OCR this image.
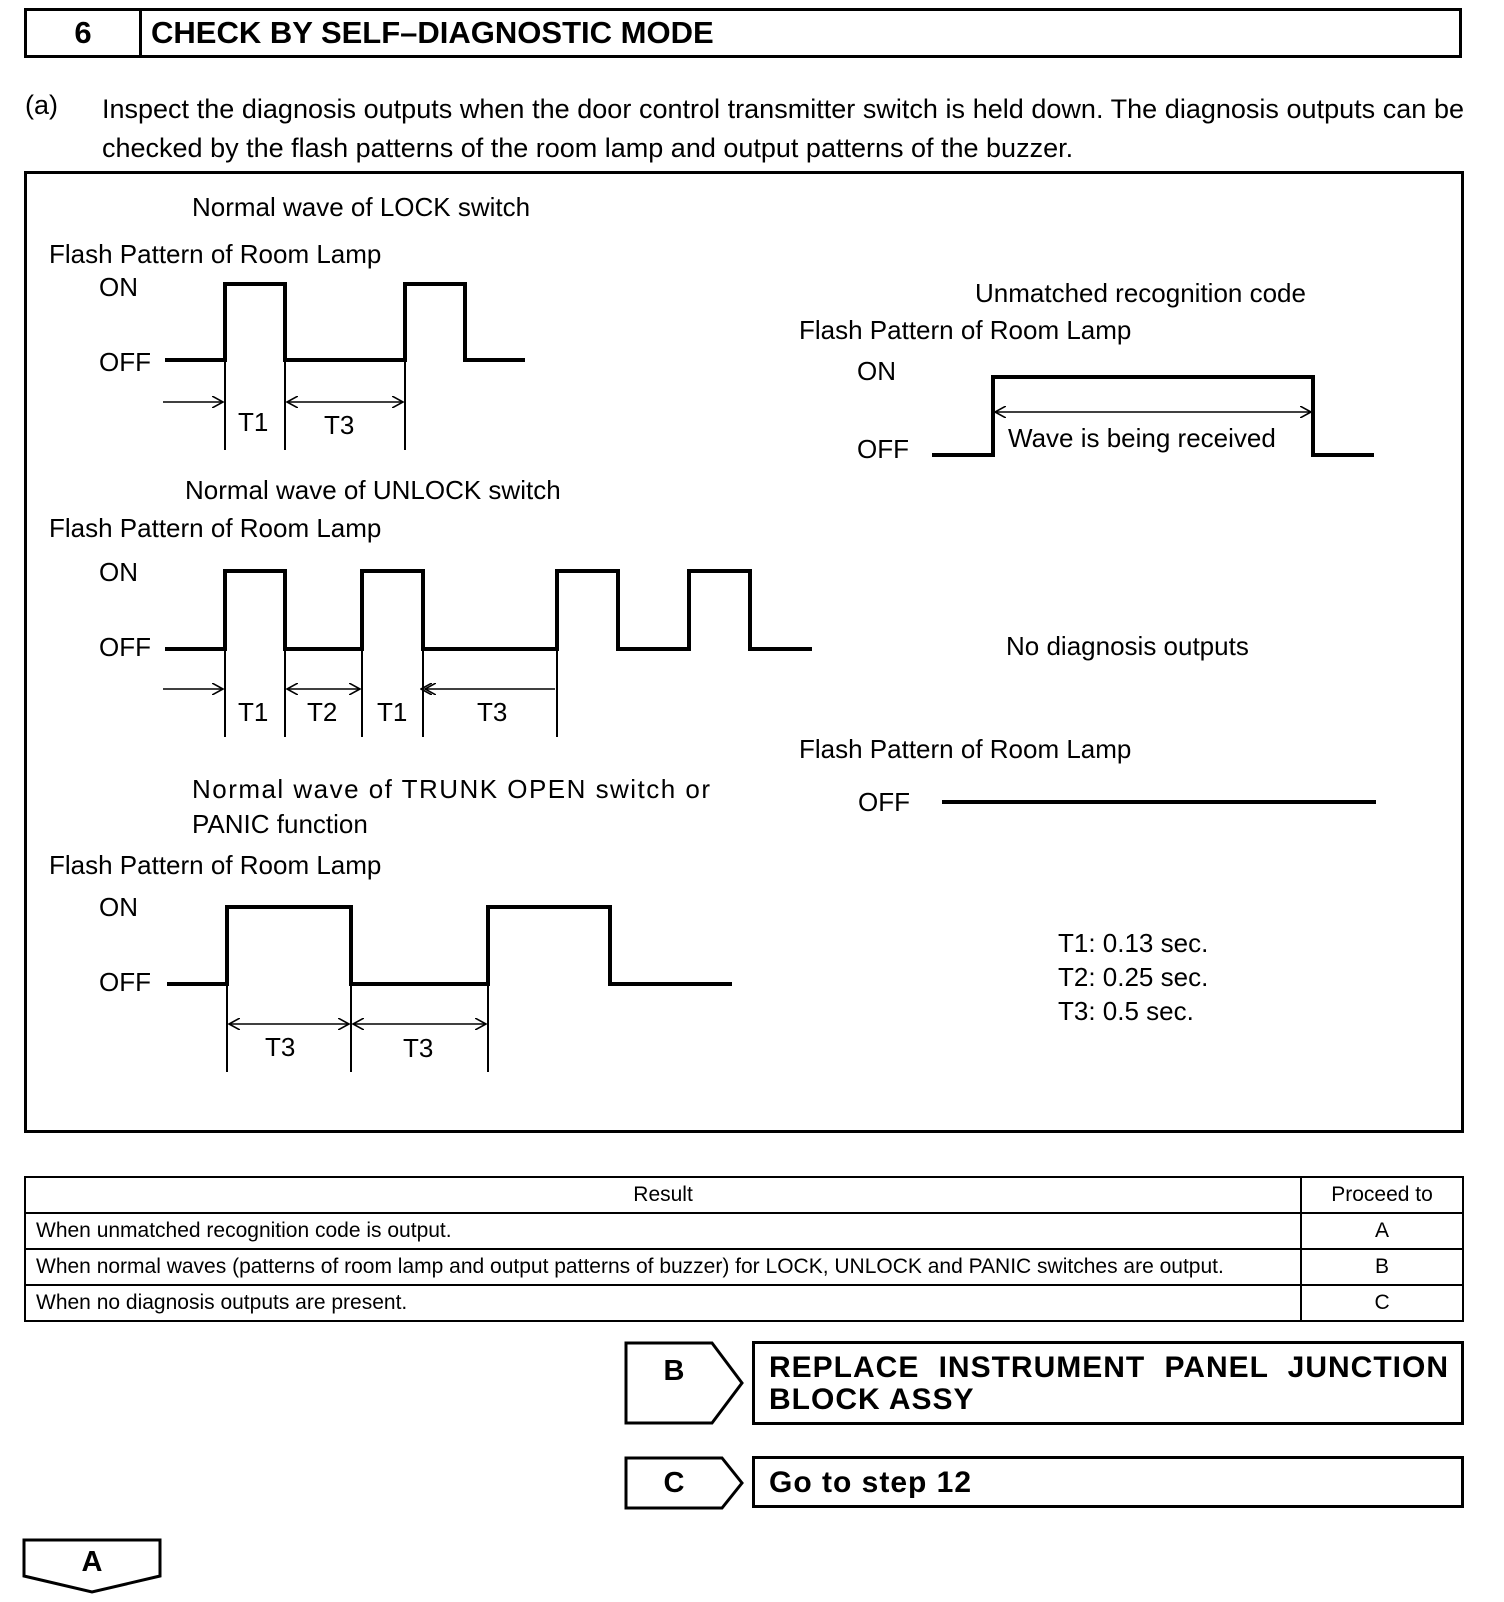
6	CHECK BY SELF–DIAGNOSTIC MODE
(a) Inspect the diagnosis outputs when the door control transmitter switch is held down. The diagnosis outputs can be checked by the flash patterns of the room lamp and output patterns of the buzzer.
Normal wave of LOCK switch
Flash Pattern of Room Lamp
ON
OFF
T1 T3
Normal wave of UNLOCK switch
Flash Pattern of Room Lamp
ON
OFF
T1 T2 T1	T3
Normal wave of TRUNK OPEN switch or
PANIC function
Flash Pattern of Room Lamp
ON
OFF
T3	T3
Unmatched recognition code
Flash Pattern of Room Lamp
ON
OFF	Wave is being received
No diagnosis outputs
Flash Pattern of Room Lamp
OFF
T1: 0.13 sec.
T2: 0.25 sec.
T3: 0.5 sec.
Result	Proceed to
When unmatched recognition code is output.	A
When normal waves (patterns of room lamp and output patterns of buzzer) for LOCK, UNLOCK and PANIC switches are output.	B
When no diagnosis outputs are present.	C
B	REPLACE INSTRUMENT PANEL JUNCTION
BLOCK ASSY
C	Go to step 12
A
